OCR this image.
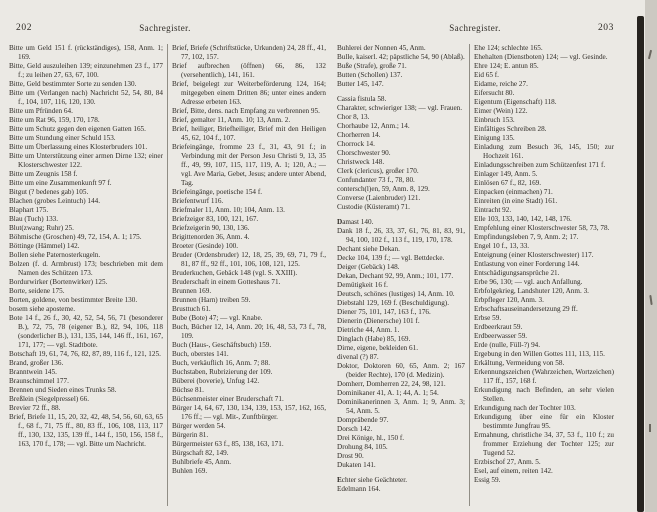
202	Sachregister.
Bitte um Geld 151 f. (rückständiges), 158, Anm. 1; 169.
Bitte, Geld auszuleihen 139; einzunehmen 23 f., 177 f.; zu leihen 27, 63, 67, 100.
Bitte, Geld bestimmter Sorte zu senden 130.
Bitte um (Verlangen nach) Nachricht 52, 54, 80, 84 f., 104, 107, 116, 120, 130.
Bitte um Pfründen 64.
Bitte um Rat 96, 159, 170, 178.
Bitte um Schutz gegen den eigenen Gatten 165.
Bitte um Stundung einer Schuld 153.
Bitte um Überlassung eines Klosterbruders 101.
Bitte um Unterstützung einer armen Dirne 132; einer Klosterschwester 122.
Bitte um Zeugnis 158 f.
Bitte um eine Zusammenkunft 97 f.
Bitgut (? bedenes gab) 105.
Blachen (grobes Leintuch) 144.
Blaphart 175.
Blau (Tuch) 133.
Blut(zwang; Ruhr) 25.
Böhmische (Groschen) 49, 72, 154, A. 1; 175.
Böttinge (Hämmel) 142.
Bollen siehe Paternosterkugeln.
Bolzen (f. d. Armbrust) 173; beschrieben mit dem Namen des Schützen 173.
Bordurwirker (Bortenwirker) 125.
Borte, seidene 175.
Borten, goldene, von bestimmter Breite 130.
bosem siehe aposteme.
Bote 14 f., 26 f., 30, 42, 52, 54, 56, 71 (besonderer B.), 72, 75, 78 (eigener B.), 82, 94, 106, 118 (sonderlicher B.), 131, 135, 144, 146 ff., 161, 167, 171, 177; — vgl. Stadtbote.
Botschaft 19, 61, 74, 76, 82, 87, 89, 116 f., 121, 125.
Brand, großer 136.
Branntwein 145.
Braunschimmel 177.
Brennen und Sieden eines Trunks 58.
Breßlein (Siegelpressel) 66.
Brevier 72 ff., 88.
Brief, Briefe 11, 15, 20, 32, 42, 48, 54, 56, 60, 63, 65 f., 68 f., 71, 75 ff., 80, 83 ff., 106, 108, 113, 117 ff., 130, 132, 135, 139 ff., 144 f., 150, 156, 158 f., 163, 170 f., 178; — vgl. Bitte um Nachricht.
Brief, Briefe (Schriftstücke, Urkunden) 24, 28 ff., 41, 77, 102, 157.
Brief aufbrechen (öffnen) 66, 86, 132 (versehentlich), 141, 161.
Brief, beigelegt zur Weiterbeförderung 124, 164; mitgegeben einem Dritten 86; unter eines andern Adresse erbeten 163.
Brief, Bitte, dens. nach Empfang zu verbrennen 95.
Brief, gemalter 11, Anm. 10; 13, Anm. 2.
Brief, heiliger, Briefheiliger, Brief mit den Heiligen 45, 62, 104 f., 107.
Briefeingänge, fromme 23 f., 31, 43, 91 f.; in Verbindung mit der Person Jesu Christi 9, 13, 35 ff., 49, 99, 107, 115, 117, 119, A. 1; 120, A.; — vgl. Ave Maria, Gebet, Jesus; andere unter Abend, Tag.
Briefeingänge, poetische 154 f.
Briefentwurf 116.
Briefmaler 11, Anm. 10; 104, Anm. 13.
Briefzeiger 83, 100, 121, 167.
Briefzeigerin 90, 130, 136.
Brigittenorden 36, Anm. 4.
Broeter (Gesinde) 100.
Bruder (Ordensbruder) 12, 18, 25, 39, 69, 71, 79 f., 81, 87 ff., 92 ff., 101, 106, 108, 121, 125.
Bruderkuchen, Gebäck 148 (vgl. S. XXIII).
Bruderschaft in einem Gotteshaus 71.
Brunnen 169.
Brunnen (Harn) treiben 59.
Brusttuch 61.
Bube (Bote) 47; — vgl. Knabe.
Buch, Bücher 12, 14, Anm. 20; 16, 48, 53, 73 f., 78, 109.
Buch (Haus-, Geschäftsbuch) 159.
Buch, oberstes 141.
Buch, verkäuflich 16, Anm. 7; 88.
Buchstaben, Rubrizierung der 109.
Büberei (boverie), Unfug 142.
Büchse 81.
Büchsenmeister einer Bruderschaft 71.
Bürger 14, 64, 67, 130, 134, 139, 153, 157, 162, 165, 176 ff.; — vgl. Mit-, Zunftbürger.
Bürger werden 54.
Bürgerin 81.
Bürgermeister 63 f., 85, 138, 163, 171.
Bürgschaft 82, 149.
Buhlbriefe 45, Anm.
Buhlen 169.
Sachregister.	203
Buhlerei der Nonnen 45, Anm.
Bulle, kaiserl. 42; päpstliche 54, 90 (Ablaß).
Buße (Strafe), große 71.
Butten (Schollen) 137.
Butter 145, 147.
Cassia fistula 58.
Charakter, schwieriger 138; — vgl. Frauen.
Chor 8, 13.
Chorhaube 12, Anm.; 14.
Chorherren 14.
Chorrock 14.
Chorschwester 90.
Christweck 148.
Clerk (clericus), großer 170.
Confundanter 73 f., 78, 80.
contersch(l)en, 59, Anm. 8, 129.
Converse (Laienbruder) 121.
Custodie (Küsteramt) 71.
Damast 140.
Dank 18 f., 26, 33, 37, 61, 76, 81, 83, 91, 94, 100, 102 f., 113 f., 119, 170, 178.
Dechant siehe Dekan.
Decke 104, 139 f.; — vgl. Bettdecke.
Deiger (Gebäck) 148.
Dekan, Dechant 92, 99, Anm.; 101, 177.
Demütigkeit 16 f.
Deutsch, schönes (lustiges) 14, Anm. 10.
Diebstahl 129, 169 f. (Beschuldigung).
Diener 75, 101, 147, 163 f., 176.
Dienerin (Dienersche) 101 f.
Dietriche 44, Anm. 1.
Dinglach (Habe) 85, 169.
Dirne, eigene, bekleiden 61.
divenal (?) 87.
Doktor, Doktoren 60, 65, Anm. 2; 167 (beider Rechte), 170 (d. Medizin).
Domherr, Domherren 22, 24, 98, 121.
Dominikaner 41, A. 1; 44, A. 1; 54.
Dominikanerinnen 3, Anm. 1; 9, Anm. 3; 54, Anm. 5.
Dompräbende 97.
Dorsch 142.
Drei Könige, hl., 150 f.
Drohung 84, 105.
Drost 90.
Dukaten 141.
Echter siehe Geächteter.
Edelmann 164.
Ehe 124; schlechte 165.
Ehehalten (Dienstboten) 124; — vgl. Gesinde.
Ehre 124; E. antun 85.
Eid 65 f.
Eidame, reiche 27.
Eifersucht 80.
Eigentum (Eigenschaft) 118.
Eimer (Wein) 122.
Einbruch 153.
Einfältiges Schreiben 28.
Einigung 135.
Einladung zum Besuch 36, 145, 150; zur Hochzeit 161.
Einladungsschreiben zum Schützenfest 171 f.
Einlager 149, Anm. 5.
Einlösen 67 f., 82, 169.
Einpacken (einmachen) 71.
Einreiten (in eine Stadt) 161.
Eintracht 92.
Elle 103, 133, 140, 142, 148, 176.
Empfehlung einer Klosterschwester 58, 73, 78.
Empfindungsleben 7, 9, Anm. 2; 17.
Engel 10 f., 13, 33.
Enteignung (einer Klosterschwester) 117.
Entlastung von einer Forderung 144.
Entschädigungsansprüche 21.
Erbe 96, 130; — vgl. auch Anfallung.
Erbfolgekrieg, Landshuter 120, Anm. 3.
Erbpfleger 120, Anm. 3.
Erbschaftsauseinandersetzung 29 ff.
Erbse 59.
Erdbeerkraut 59.
Erdbeerwasser 59.
Erde (nulle, Füll-?) 94.
Ergebung in den Willen Gottes 111, 113, 115.
Erkältung, Vermeidung von 58.
Erkennungszeichen (Wahrzeichen, Wortzeichen) 117 ff., 157, 168 f.
Erkundigung nach Befinden, an sehr vielen Stellen.
Erkundigung nach der Tochter 103.
Erkundigung über eine für ein Kloster bestimmte Jungfrau 95.
Ermahnung, christliche 34, 37, 53 f., 110 f.; zu frommer Erziehung der Tochter 125; zur Tugend 52.
Erzbischof 27, Anm. 5.
Esel, auf einem, reiten 142.
Essig 59.
